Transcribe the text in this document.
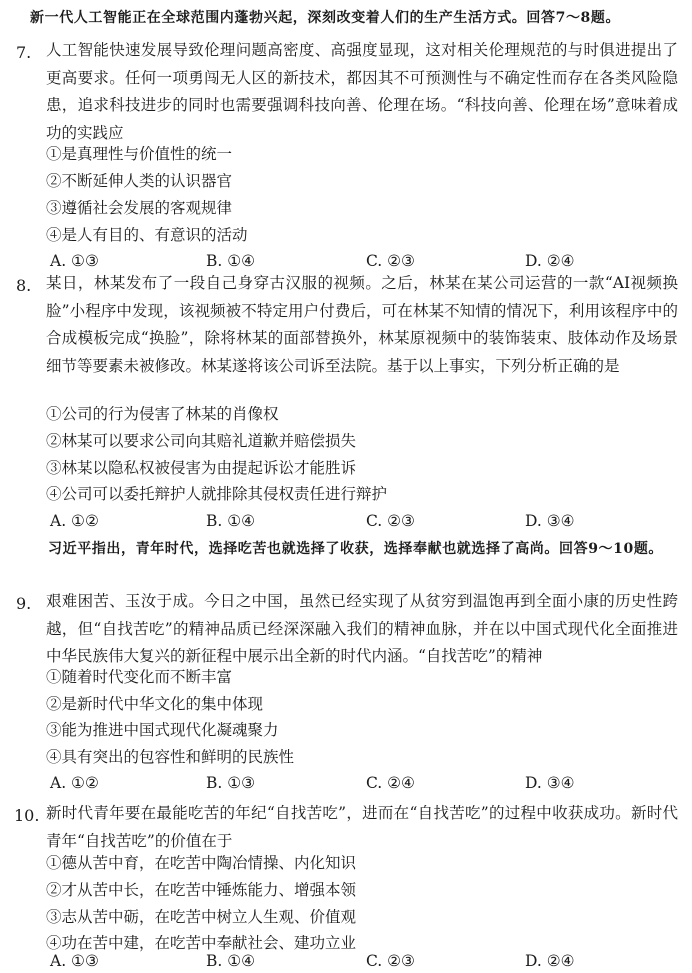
新一代人工智能正在全球范围内蓬勃兴起，深刻改变着人们的生产生活方式。回答7～8题。

7. 人工智能快速发展导致伦理问题高密度、高强度显现，这对相关伦理规范的与时俱进提出了更高要求。任何一项勇闯无人区的新技术，都因其不可预测性与不确定性而存在各类风险隐患，追求科技进步的同时也需要强调科技向善、伦理在场。“科技向善、伦理在场”意味着成功的实践应

①是真理性与价值性的统一

②不断延伸人类的认识器官

③遵循社会发展的客观规律

④是人有目的、有意识的活动

A. ①③	B. ①④	C. ②③	D. ②④
8. 某日，林某发布了一段自己身穿古汉服的视频。之后，林某在某公司运营的一款“AI视频换脸”小程序中发现，该视频被不特定用户付费后，可在林某不知情的情况下，利用该程序中的合成模板完成“换脸”，除将林某的面部替换外，林某原视频中的装饰装束、肢体动作及场景细节等要素未被修改。林某遂将该公司诉至法院。基于以上事实，下列分析正确的是

①公司的行为侵害了林某的肖像权

②林某可以要求公司向其赔礼道歉并赔偿损失

③林某以隐私权被侵害为由提起诉讼才能胜诉

④公司可以委托辩护人就排除其侵权责任进行辩护

A. ①②	B. ①④	C. ②③	D. ③④

习近平指出，青年时代，选择吃苦也就选择了收获，选择奉献也就选择了高尚。回答9～10题。

9. 艰难困苦、玉汝于成。今日之中国，虽然已经实现了从贫穷到温饱再到全面小康的历史性跨越，但“自找苦吃”的精神品质已经深深融入我们的精神血脉，并在以中国式现代化全面推进中华民族伟大复兴的新征程中展示出全新的时代内涵。“自找苦吃”的精神

①随着时代变化而不断丰富

②是新时代中华文化的集中体现

③能为推进中国式现代化凝魂聚力

④具有突出的包容性和鲜明的民族性

A. ①②	B. ①③	C. ②④	D. ③④
10. 新时代青年要在最能吃苦的年纪“自找苦吃”，进而在“自找苦吃”的过程中收获成功。新时代青年“自找苦吃”的价值在于

①德从苦中育，在吃苦中陶冶情操、内化知识

②才从苦中长，在吃苦中锤炼能力、增强本领

③志从苦中砺，在吃苦中树立人生观、价值观

④功在苦中建，在吃苦中奉献社会、建功立业

A. ①③	B. ①④	C. ②③	D. ②④
